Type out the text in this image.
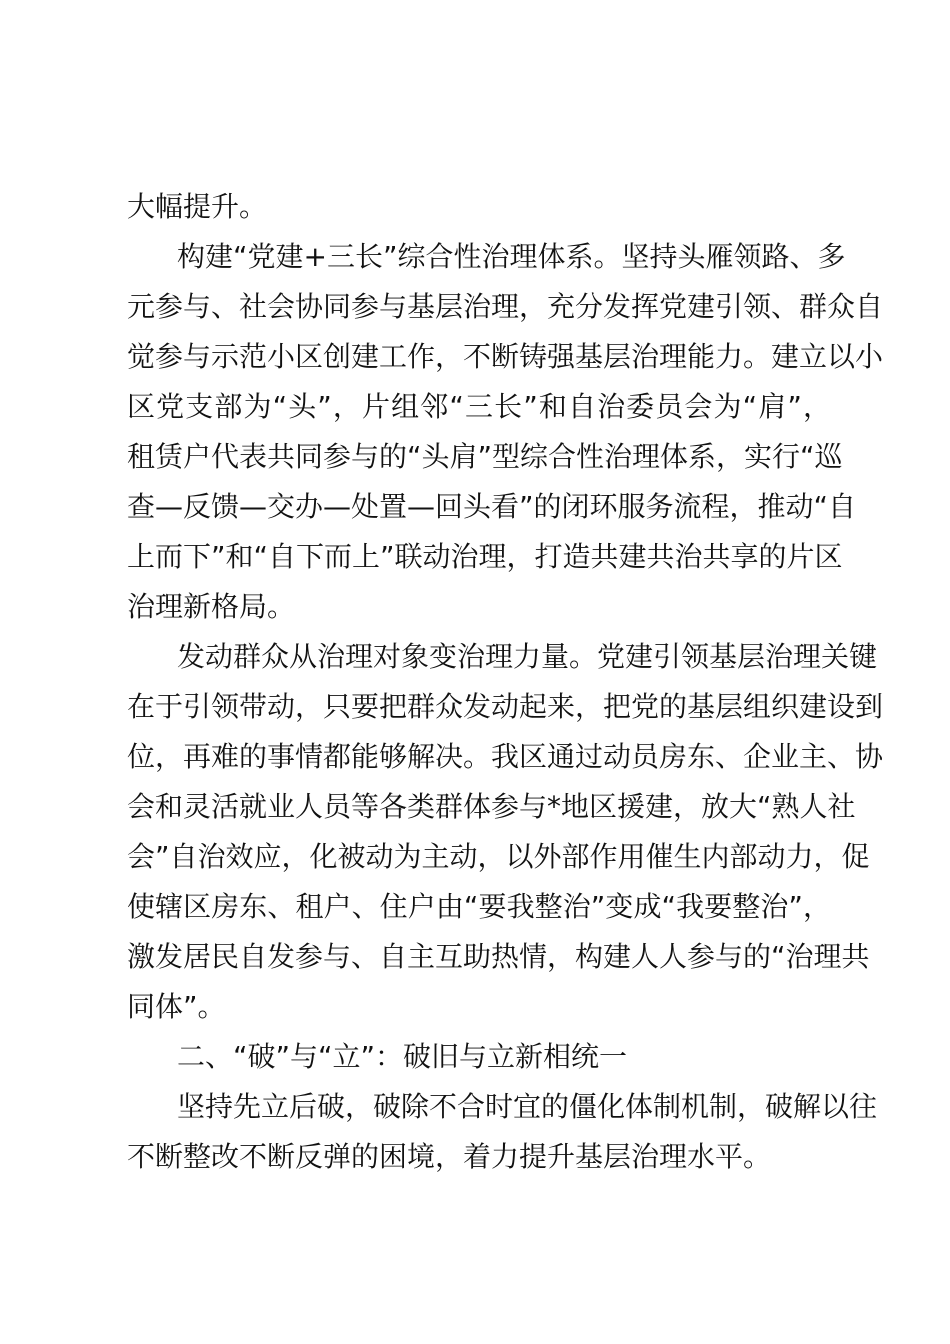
大幅提升。
构建“党建+三长”综合性治理体系。坚持头雁领路、多
元参与、社会协同参与基层治理，充分发挥党建引领、群众自
觉参与示范小区创建工作，不断铸强基层治理能力。建立以小
区党支部为“头”，片组邻“三长”和自治委员会为“肩”，
租赁户代表共同参与的“头肩”型综合性治理体系，实行“巡
查—反馈—交办—处置—回头看”的闭环服务流程，推动“自
上而下”和“自下而上”联动治理，打造共建共治共享的片区
治理新格局。
发动群众从治理对象变治理力量。党建引领基层治理关键
在于引领带动，只要把群众发动起来，把党的基层组织建设到
位，再难的事情都能够解决。我区通过动员房东、企业主、协
会和灵活就业人员等各类群体参与*地区援建，放大“熟人社
会”自治效应，化被动为主动，以外部作用催生内部动力，促
使辖区房东、租户、住户由“要我整治”变成“我要整治”，
激发居民自发参与、自主互助热情，构建人人参与的“治理共
同体”。
二、“破”与“立”：破旧与立新相统一
坚持先立后破，破除不合时宜的僵化体制机制，破解以往
不断整改不断反弹的困境，着力提升基层治理水平。
